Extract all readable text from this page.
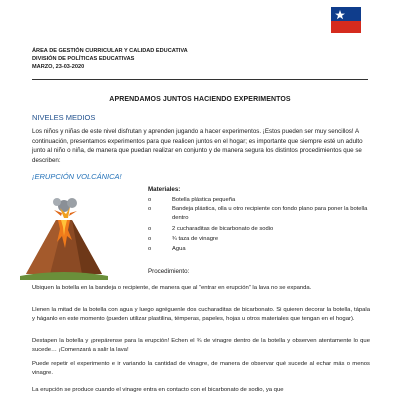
ÁREA DE GESTIÓN CURRICULAR Y CALIDAD EDUCATIVA
DIVISIÓN DE POLÍTICAS EDUCATIVAS
MARZO, 23-03-2020
APRENDAMOS JUNTOS HACIENDO EXPERIMENTOS
NIVELES MEDIOS
Los niños y niñas de este nivel disfrutan y aprenden jugando a hacer experimentos. ¡Estos pueden ser muy sencillos! A continuación, presentamos experimentos para que realicen juntos en el hogar; es importante que siempre esté un adulto junto al niño o niña, de manera que puedan realizar en conjunto y de manera segura los distintos procedimientos que se describen:
¡ERUPCIÓN VOLCÁNICA!
Materiales:
o	Botella plástica pequeña
o	Bandeja plástica, olla u otro recipiente con fondo plano para poner la botella dentro
o	2 cucharaditas de bicarbonato de sodio
o	¾ taza de vinagre
o	Agua
Procedimiento:
Ubiquen la botella en la bandeja o recipiente, de manera que al “entrar en erupción” la lava no se expanda.
Llenen la mitad de la botella con agua y luego agréguenle dos cucharaditas de bicarbonato. Si quieren decorar la botella, tápala y háganlo en este momento (pueden utilizar plastilina, témperas, papeles, hojas u otros materiales que tengan en el hogar).
Destapen la botella y ¡prepárense para la erupción! Echen el ¾ de vinagre dentro de la botella y observen atentamente lo que sucede… ¡Comenzará a salir la lava!
Puede repetir el experimento e ir variando la cantidad de vinagre, de manera de observar qué sucede al echar más o menos vinagre.
La erupción se produce cuando el vinagre entra en contacto con el bicarbonato de sodio, ya que
